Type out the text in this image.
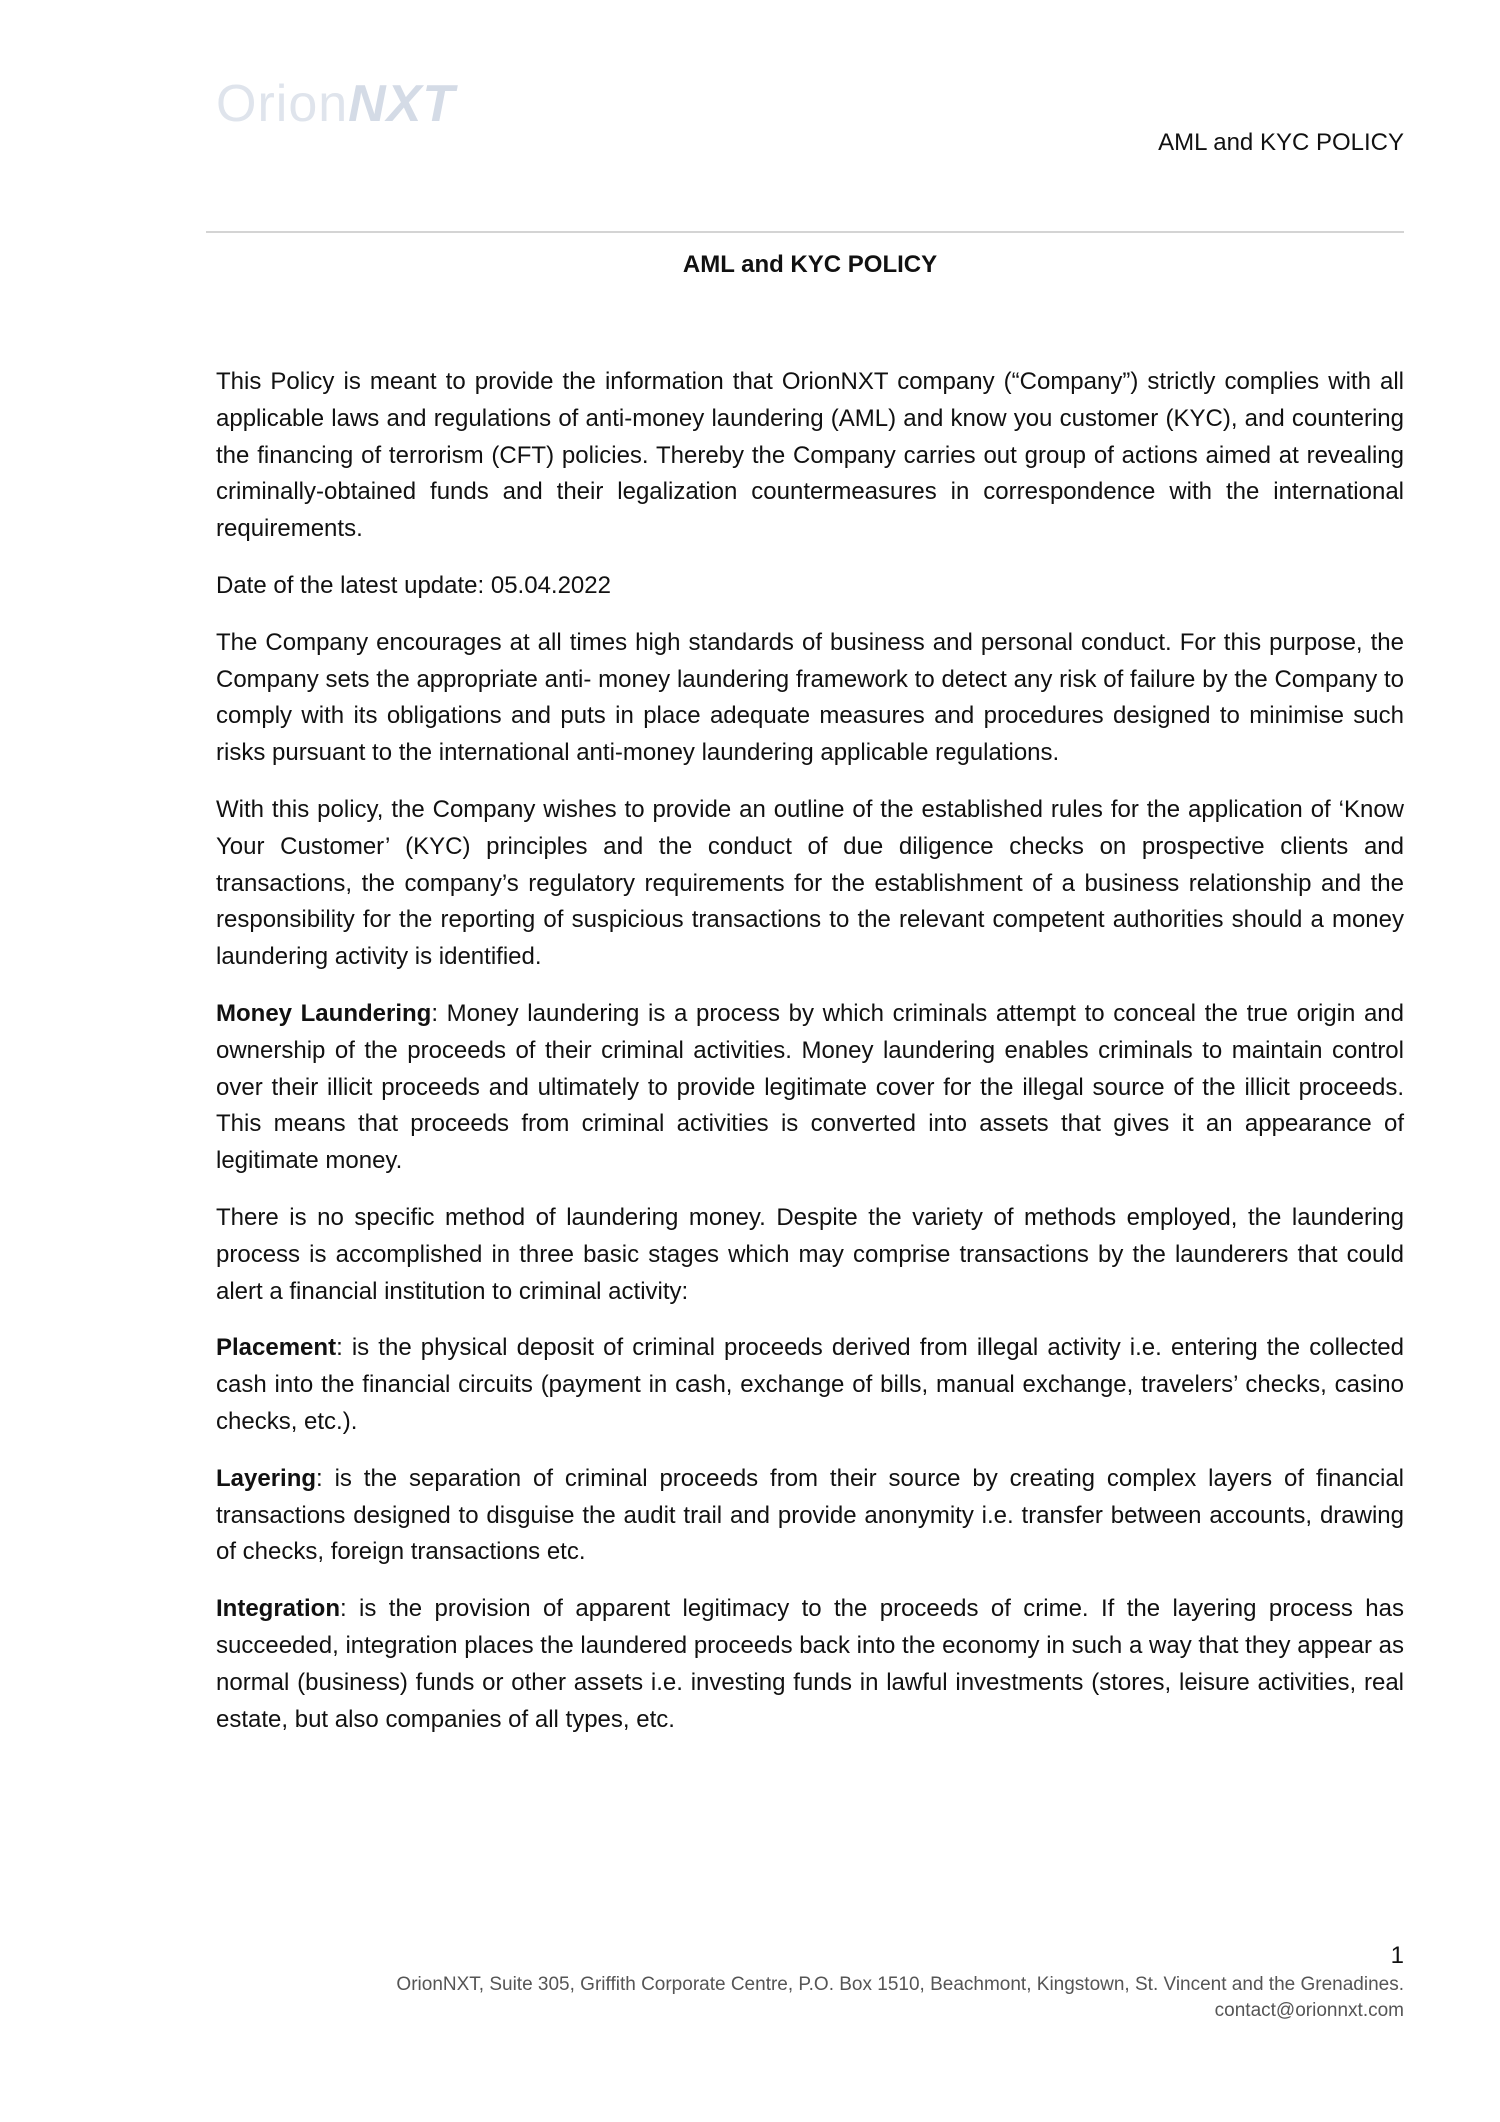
OrionNXT
AML and KYC POLICY
AML and KYC POLICY

This Policy is meant to provide the information that OrionNXT company (“Company”) strictly complies with all applicable laws and regulations of anti-money laundering (AML) and know you customer (KYC), and countering the financing of terrorism (CFT) policies. Thereby the Company carries out group of actions aimed at revealing criminally-obtained funds and their legalization countermeasures in correspondence with the international requirements.

Date of the latest update: 05.04.2022

The Company encourages at all times high standards of business and personal conduct. For this purpose, the Company sets the appropriate anti- money laundering framework to detect any risk of failure by the Company to comply with its obligations and puts in place adequate measures and procedures designed to minimise such risks pursuant to the international anti-money laundering applicable regulations.

With this policy, the Company wishes to provide an outline of the established rules for the application of ‘Know Your Customer’ (KYC) principles and the conduct of due diligence checks on prospective clients and transactions, the company’s regulatory requirements for the establishment of a business relationship and the responsibility for the reporting of suspicious transactions to the relevant competent authorities should a money laundering activity is identified.

Money Laundering: Money laundering is a process by which criminals attempt to conceal the true origin and ownership of the proceeds of their criminal activities. Money laundering enables criminals to maintain control over their illicit proceeds and ultimately to provide legitimate cover for the illegal source of the illicit proceeds. This means that proceeds from criminal activities is converted into assets that gives it an appearance of legitimate money.

There is no specific method of laundering money. Despite the variety of methods employed, the laundering process is accomplished in three basic stages which may comprise transactions by the launderers that could alert a financial institution to criminal activity:

Placement: is the physical deposit of criminal proceeds derived from illegal activity i.e. entering the collected cash into the financial circuits (payment in cash, exchange of bills, manual exchange, travelers’ checks, casino checks, etc.).

Layering: is the separation of criminal proceeds from their source by creating complex layers of financial transactions designed to disguise the audit trail and provide anonymity i.e. transfer between accounts, drawing of checks, foreign transactions etc.

Integration: is the provision of apparent legitimacy to the proceeds of crime. If the layering process has succeeded, integration places the laundered proceeds back into the economy in such a way that they appear as normal (business) funds or other assets i.e. investing funds in lawful investments (stores, leisure activities, real estate, but also companies of all types, etc.

1
OrionNXT, Suite 305, Griffith Corporate Centre, P.O. Box 1510, Beachmont, Kingstown, St. Vincent and the Grenadines.
contact@orionnxt.com
